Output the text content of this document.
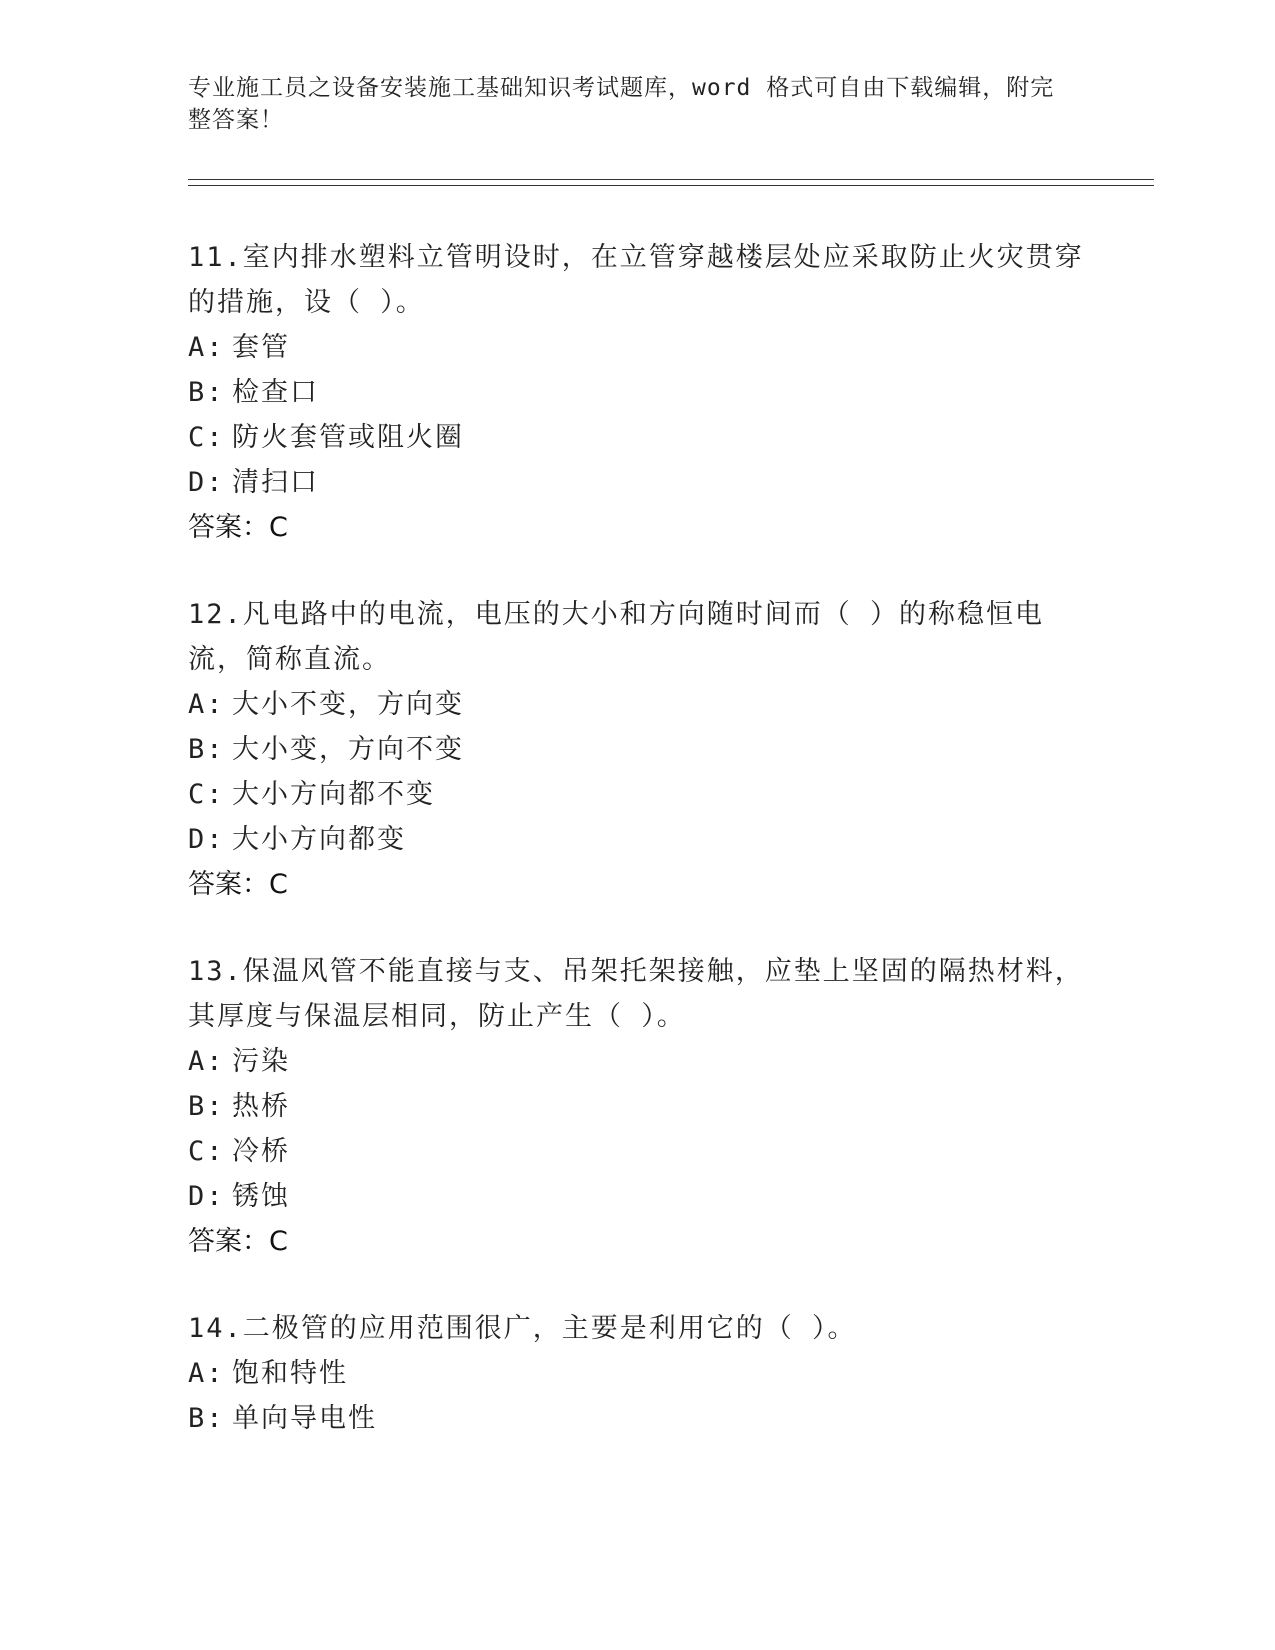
专业施工员之设备安装施工基础知识考试题库，word 格式可自由下载编辑，附完整答案！

11.室内排水塑料立管明设时，在立管穿越楼层处应采取防止火灾贯穿的措施，设（ ）。

A: 套管

B: 检查口

C: 防火套管或阻火圈

D: 清扫口

答案：C

12.凡电路中的电流，电压的大小和方向随时间而（ ）的称稳恒电流，简称直流。

A: 大小不变，方向变

B: 大小变，方向不变

C: 大小方向都不变

D: 大小方向都变

答案：C

13.保温风管不能直接与支、吊架托架接触，应垫上坚固的隔热材料，其厚度与保温层相同，防止产生（ ）。

A: 污染

B: 热桥

C: 冷桥

D: 锈蚀

答案：C

14.二极管的应用范围很广，主要是利用它的（ ）。

A: 饱和特性

B: 单向导电性
